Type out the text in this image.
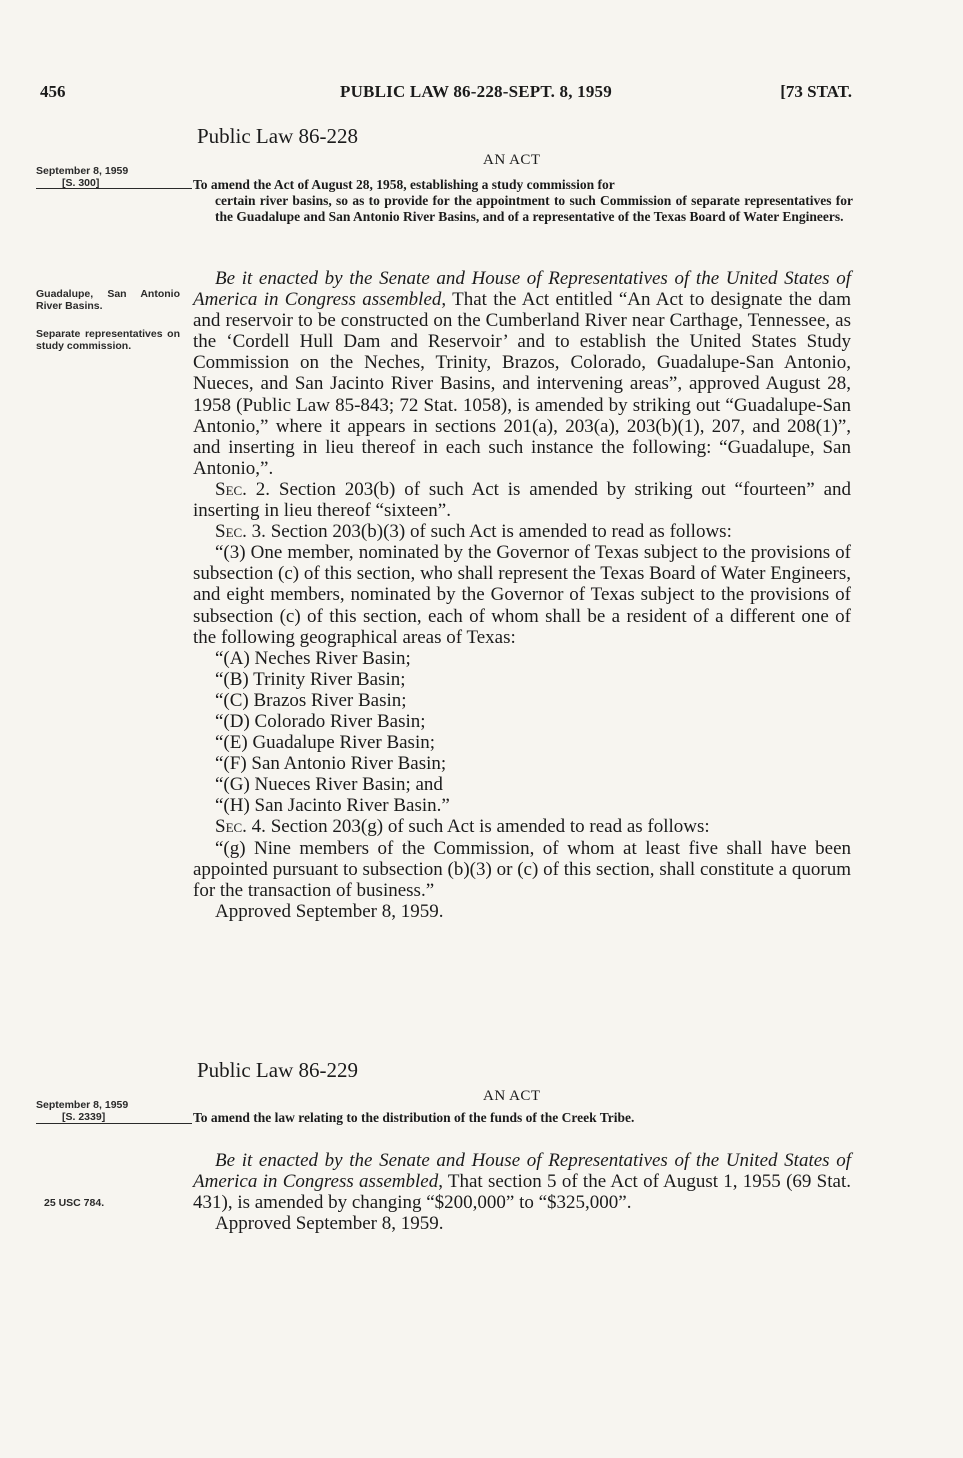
456	PUBLIC LAW 86-228-SEPT. 8, 1959	[73 STAT.
Public Law 86-228
AN ACT
September 8, 1959
[S. 300]	To amend the Act of August 28, 1958, establishing a study commission for
certain river basins, so as to provide for the appointment to such Commission of separate representatives for the Guadalupe and San Antonio River Basins, and of a representative of the Texas Board of Water Engineers.
Guadalupe, San Antonio River Basins.
Separate representatives on study commission.

Be it enacted by the Senate and House of Representatives of the United States of America in Congress assembled, That the Act entitled “An Act to designate the dam and reservoir to be constructed on the Cumberland River near Carthage, Tennessee, as the ‘Cordell Hull Dam and Reservoir’ and to establish the United States Study Commission on the Neches, Trinity, Brazos, Colorado, Guadalupe-San Antonio, Nueces, and San Jacinto River Basins, and intervening areas”, approved August 28, 1958 (Public Law 85-843; 72 Stat. 1058), is amended by striking out “Guadalupe-San Antonio,” where it appears in sections 201(a), 203(a), 203(b)(1), 207, and 208(1)”, and inserting in lieu thereof in each such instance the following: “Guadalupe, San Antonio,”.

Sec. 2. Section 203(b) of such Act is amended by striking out “fourteen” and inserting in lieu thereof “sixteen”.

Sec. 3. Section 203(b)(3) of such Act is amended to read as follows:

“(3) One member, nominated by the Governor of Texas subject to the provisions of subsection (c) of this section, who shall represent the Texas Board of Water Engineers, and eight members, nominated by the Governor of Texas subject to the provisions of subsection (c) of this section, each of whom shall be a resident of a different one of the following geographical areas of Texas:

“(A) Neches River Basin;

“(B) Trinity River Basin;

“(C) Brazos River Basin;

“(D) Colorado River Basin;

“(E) Guadalupe River Basin;

“(F) San Antonio River Basin;

“(G) Nueces River Basin; and

“(H) San Jacinto River Basin.”

Sec. 4. Section 203(g) of such Act is amended to read as follows:

“(g) Nine members of the Commission, of whom at least five shall have been appointed pursuant to subsection (b)(3) or (c) of this section, shall constitute a quorum for the transaction of business.”

Approved September 8, 1959.

Public Law 86-229
AN ACT
September 8, 1959
[S. 2339]	To amend the law relating to the distribution of the funds of the Creek Tribe.
25 USC 784.

Be it enacted by the Senate and House of Representatives of the United States of America in Congress assembled, That section 5 of the Act of August 1, 1955 (69 Stat. 431), is amended by changing “$200,000” to “$325,000”.

Approved September 8, 1959.
